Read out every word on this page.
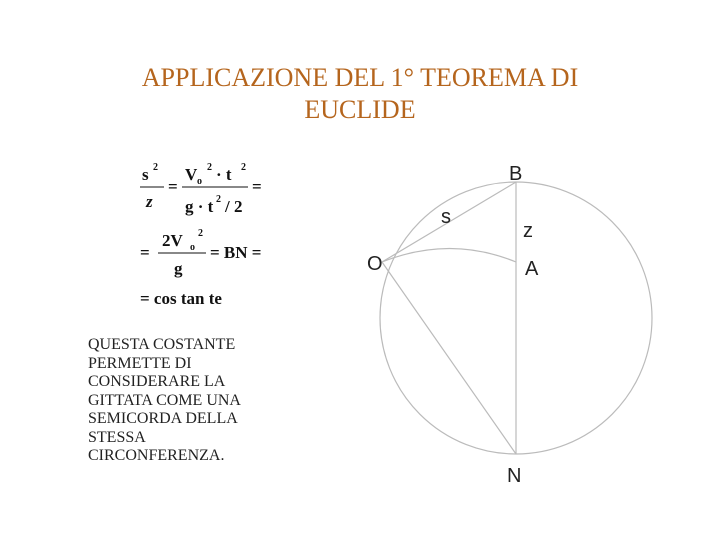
APPLICAZIONE DEL 1° TEOREMA DI
EUCLIDE
s 2
z
=
V o
2 · t 2
g · t 2 / 2
=
=
2V o
2
g
= BN =
= cos tan te
QUESTA COSTANTE
PERMETTE DI
CONSIDERARE LA
GITTATA COME UNA
SEMICORDA DELLA
STESSA
CIRCONFERENZA.
B
s
z
O	A
N
